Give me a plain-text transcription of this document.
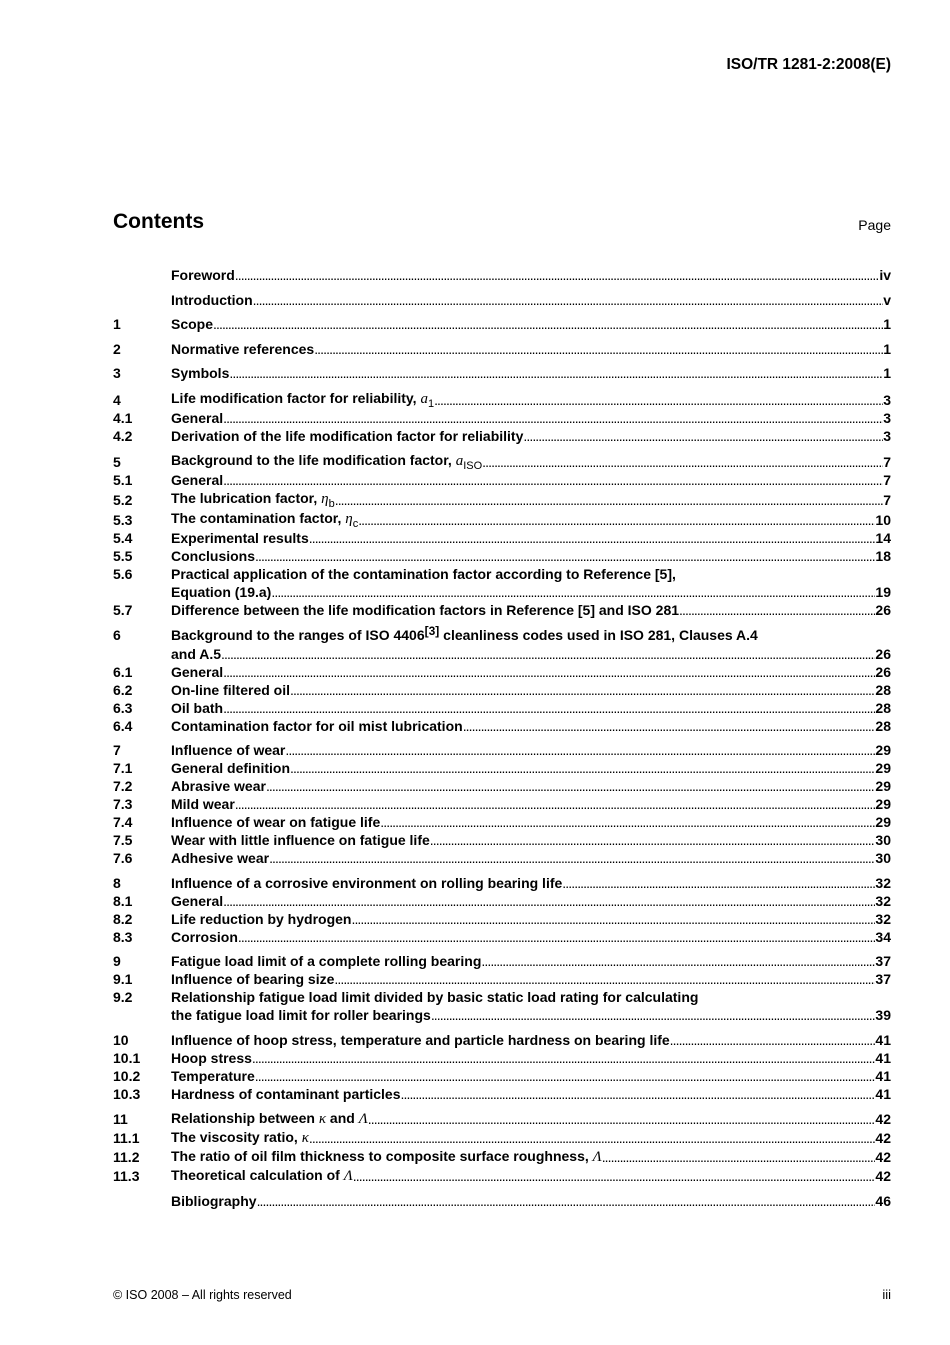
ISO/TR 1281-2:2008(E)
Contents	Page
Foreword . . .	iv
Introduction . . .	v
1	Scope . . .	1
2	Normative references . . .	1
3	Symbols . . .	1
4	Life modification factor for reliability, $a_1$ . . .	3
4.1	General . . .	3
4.2	Derivation of the life modification factor for reliability . . .	3
5	Background to the life modification factor, $a_{ISO}$ . . .	7
5.1	General . . .	7
5.2	The lubrication factor, $\eta_b$ . . .	7
5.3	The contamination factor, $\eta_c$ . . .	10
5.4	Experimental results . . .	14
5.5	Conclusions . . .	18
5.6	Practical application of the contamination factor according to Reference [5],
Equation (19.a) . . .	19
5.7	Difference between the life modification factors in Reference [5] and ISO 281 . . .	26
6	Background to the ranges of ISO 4406[3] cleanliness codes used in ISO 281, Clauses A.4
and A.5 . . .	26
6.1	General . . .	26
6.2	On-line filtered oil . . .	28
6.3	Oil bath . . .	28
6.4	Contamination factor for oil mist lubrication . . .	28
7	Influence of wear . . .	29
7.1	General definition . . .	29
7.2	Abrasive wear . . .	29
7.3	Mild wear . . .	29
7.4	Influence of wear on fatigue life . . .	29
7.5	Wear with little influence on fatigue life . . .	30
7.6	Adhesive wear . . .	30
8	Influence of a corrosive environment on rolling bearing life . . .	32
8.1	General . . .	32
8.2	Life reduction by hydrogen . . .	32
8.3	Corrosion . . .	34
9	Fatigue load limit of a complete rolling bearing . . .	37
9.1	Influence of bearing size . . .	37
9.2	Relationship fatigue load limit divided by basic static load rating for calculating
the fatigue load limit for roller bearings . . .	39
10	Influence of hoop stress, temperature and particle hardness on bearing life . . .	41
10.1	Hoop stress . . .	41
10.2	Temperature . . .	41
10.3	Hardness of contaminant particles . . .	41
11	Relationship between κ and Λ . . .	42
11.1	The viscosity ratio, κ . . .	42
11.2	The ratio of oil film thickness to composite surface roughness, Λ . . .	42
11.3	Theoretical calculation of Λ . . .	42
Bibliography . . .	46
© ISO 2008 – All rights reserved	iii
